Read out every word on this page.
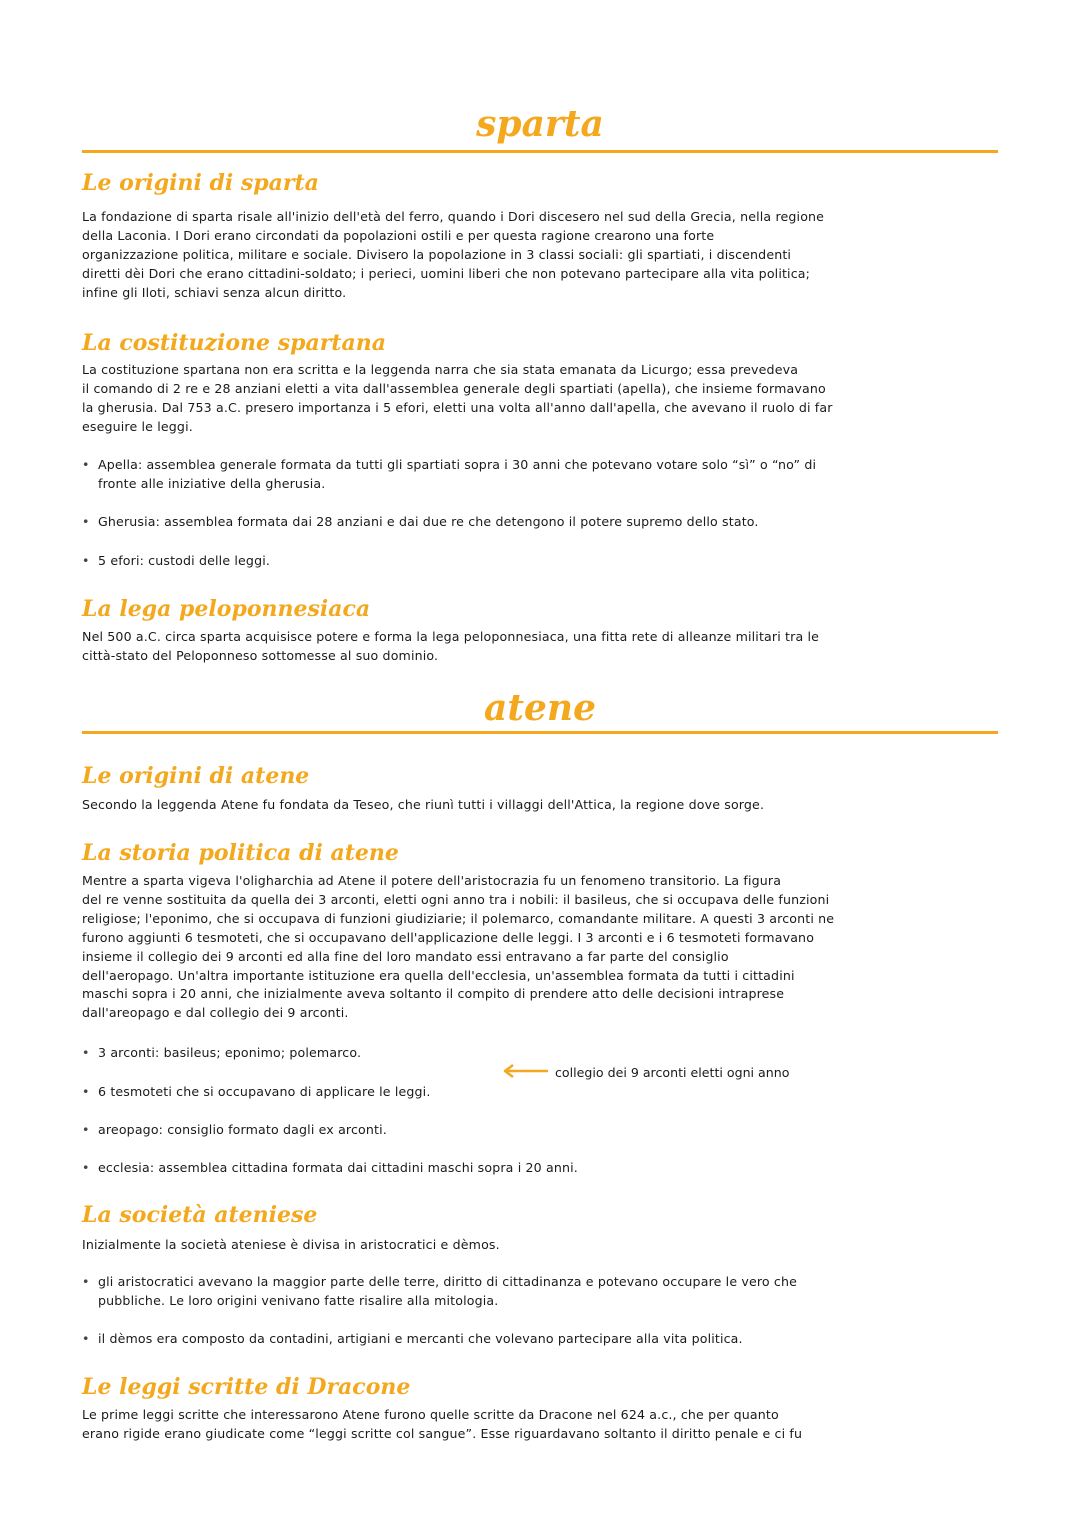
sparta
Le origini di sparta

La fondazione di sparta risale all'inizio dell'età del ferro, quando i Dori discesero nel sud della Grecia, nella regione
della Laconia. I Dori erano circondati da popolazioni ostili e per questa ragione crearono una forte
organizzazione politica, militare e sociale. Divisero la popolazione in 3 classi sociali: gli spartiati, i discendenti
diretti dèi Dori che erano cittadini-soldato; i perieci, uomini liberi che non potevano partecipare alla vita politica;
infine gli Iloti, schiavi senza alcun diritto.

La costituzione spartana

La costituzione spartana non era scritta e la leggenda narra che sia stata emanata da Licurgo; essa prevedeva
il comando di 2 re e 28 anziani eletti a vita dall'assemblea generale degli spartiati (apella), che insieme formavano
la gherusia. Dal 753 a.C. presero importanza i 5 efori, eletti una volta all'anno dall'apella, che avevano il ruolo di far
eseguire le leggi.

• Apella: assemblea generale formata da tutti gli spartiati sopra i 30 anni che potevano votare solo “sì” o “no” di
fronte alle iniziative della gherusia.
• Gherusia: assemblea formata dai 28 anziani e dai due re che detengono il potere supremo dello stato.
• 5 efori: custodi delle leggi.
La lega peloponnesiaca

Nel 500 a.C. circa sparta acquisisce potere e forma la lega peloponnesiaca, una fitta rete di alleanze militari tra le
città-stato del Peloponneso sottomesse al suo dominio.

atene
Le origini di atene

Secondo la leggenda Atene fu fondata da Teseo, che riunì tutti i villaggi dell'Attica, la regione dove sorge.

La storia politica di atene

Mentre a sparta vigeva l'oligharchia ad Atene il potere dell'aristocrazia fu un fenomeno transitorio. La figura
del re venne sostituita da quella dei 3 arconti, eletti ogni anno tra i nobili: il basileus, che si occupava delle funzioni
religiose; l'eponimo, che si occupava di funzioni giudiziarie; il polemarco, comandante militare. A questi 3 arconti ne
furono aggiunti 6 tesmoteti, che si occupavano dell'applicazione delle leggi. I 3 arconti e i 6 tesmoteti formavano
insieme il collegio dei 9 arconti ed alla fine del loro mandato essi entravano a far parte del consiglio
dell'aeropago. Un'altra importante istituzione era quella dell'ecclesia, un'assemblea formata da tutti i cittadini
maschi sopra i 20 anni, che inizialmente aveva soltanto il compito di prendere atto delle decisioni intraprese
dall'areopago e dal collegio dei 9 arconti.

• 3 arconti: basileus; eponimo; polemarco.
• 6 tesmoteti che si occupavano di applicare le leggi.
collegio dei 9 arconti eletti ogni anno
• areopago: consiglio formato dagli ex arconti.
• ecclesia: assemblea cittadina formata dai cittadini maschi sopra i 20 anni.
La società ateniese

Inizialmente la società ateniese è divisa in aristocratici e dèmos.

• gli aristocratici avevano la maggior parte delle terre, diritto di cittadinanza e potevano occupare le vero che
pubbliche. Le loro origini venivano fatte risalire alla mitologia.
• il dèmos era composto da contadini, artigiani e mercanti che volevano partecipare alla vita politica.
Le leggi scritte di Dracone

Le prime leggi scritte che interessarono Atene furono quelle scritte da Dracone nel 624 a.c., che per quanto
erano rigide erano giudicate come “leggi scritte col sangue”. Esse riguardavano soltanto il diritto penale e ci fu
